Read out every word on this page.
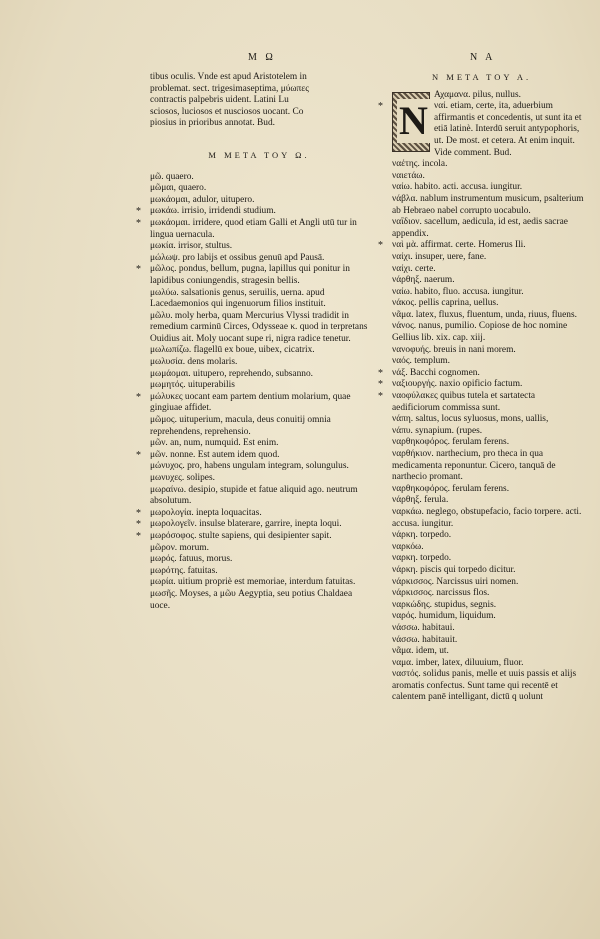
M Ω	N A

tibus oculis. Vnde est apud Aristotelem in

problemat. sect. trigesimaseptima, μύωπες

contractis palpebris uident. Latini Lu

sciosos, luciosos et nusciosos uocant. Co

piosius in prioribus annotat. Bud.

M META TOY Ω.

μῶ. quaero.

μῶμαι, quaero.

μωκάομαι, adulor, uitupero.

* μωκάω. irrisio, irridendi studium.

* μωκάομαι. irridere, quod etiam Galli et Angli utū tur in lingua uernacula.

μωκία. irrisor, stultus.

μώλωψ. pro labijs et ossibus genuū apd Pausā.

* μῶλος. pondus, bellum, pugna, lapillus qui ponitur in lapidibus coniungendis, stragesin bellis.

μωλύω. salsationis genus, seruilis, uerna. apud Lacedaemonios qui ingenuorum filios instituit.

μῶλυ. moly herba, quam Mercurius Vlyssi tradidit in remedium carminū Circes, Odysseae κ. quod in terpretans Ouidius ait. Moly uocant supe ri, nigra radice tenetur.

μωλωπίζω. flagellū ex boue, uibex, cicatrix.

μωλυσία. dens molaris.

μωμάομαι. uitupero, reprehendo, subsanno.

μωμητός. uituperabilis

* μώλυκες uocant eam partem dentium molarium, quae gingiuae affidet.

μῶμος. uituperium, macula, deus conuitij omnia reprehendens, reprehensio.

μῶν. an, num, numquid. Est enim.

* μῶν. nonne. Est autem idem quod.

μώνυχος. pro, habens ungulam integram, solungulus.

μωνυχες. solipes.

μωραίνω. desipio, stupide et fatue aliquid ago. neutrum absolutum.

* μωρολογία. inepta loquacitas.

* μωρολογεῖν. insulse blaterare, garrire, inepta loqui.

* μωρόσοφος. stulte sapiens, qui desipienter sapit.

μῶρον. morum.

μωρός. fatuus, morus.

μωρότης. fatuitas.

μωρία. uitium propriè est memoriae, interdum fatuitas.

μωσῆς. Moyses, a μῶυ Aegyptia, seu potius Chaldaea uoce.

N META TOY A.
N

Αχαμανα. pilus, nullus.

*	ναί. etiam, certe, ita, aduerbium affirmantis et concedentis, ut sunt ita et etiā latinè. Interdū seruit antypophoris, ut. De most. et cetera. At enim inquit. Vide comment. Bud.

ναέτης. incola.

ναιετάω.

ναίω. habito. acti. accusa. iungitur.

νάβλα. nablum instrumentum musicum, psalterium ab Hebraeo nabel corrupto uocabulo.

ναΐδιον. sacellum, aedicula, id est, aedis sacrae appendix.

* ναὶ μὰ. affirmat. certe. Homerus Ili.

ναίχι. insuper, uere, fane.

ναίχι. certe.

νάρθηξ. naerum.

ναίω. habito, fluo. accusa. iungitur.

νάκος. pellis caprina, uellus.

νᾶμα. latex, fluxus, fluentum, unda, riuus, fluens.

νάνος. nanus, pumilio. Copiose de hoc nomine Gellius lib. xix. cap. xiij.

νανοφυής. breuis in nani morem.

ναός. templum.

* νάξ. Bacchi cognomen.

* ναξιουργής. naxio opificio factum.

* ναοφύλακες quibus tutela et sartatecta aedificiorum commissa sunt.

νάπη. saltus, locus syluosus, mons, uallis,

νάπυ. synapium. (rupes.

ναρθηκοφόρος. ferulam ferens.

ναρθήκιον. narthecium, pro theca in qua medicamenta reponuntur. Cicero, tanquā de narthecio promant.

ναρθηκοφόρος. ferulam ferens.

νάρθηξ. ferula.

ναρκάω. neglego, obstupefacio, facio torpere. acti. accusa. iungitur.

νάρκη. torpedo.

ναρκόω.

ναρκη. torpedo.

νάρκη. piscis qui torpedo dicitur.

νάρκισσος. Narcissus uiri nomen.

νάρκισσος. narcissus flos.

ναρκώδης. stupidus, segnis.

ναρός. humidum, liquidum.

νάσσω. habitaui.

νάσσω. habitauit.

νᾶμα. idem, ut.

ναμα. imber, latex, diluuium, fluor.

ναστός. solidus panis, melle et uuis passis et alijs aromatis confectus. Sunt tame qui recentē et calentem panē intelligant, dictū q uolunt
